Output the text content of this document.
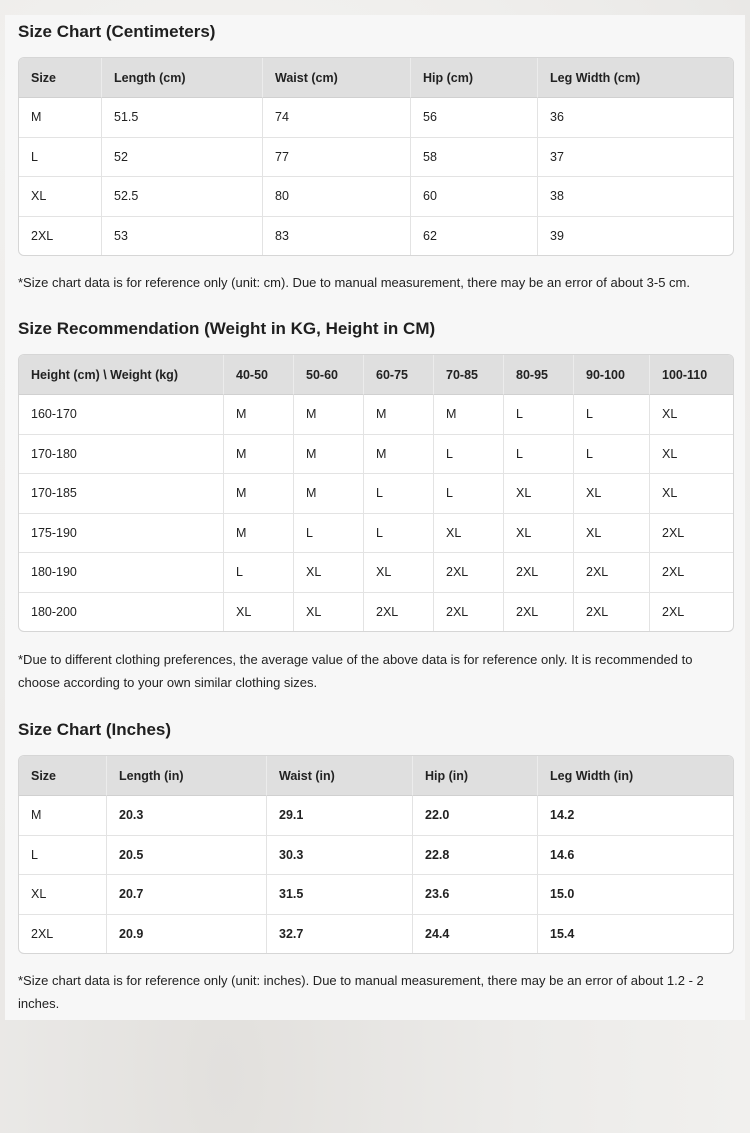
Size Chart (Centimeters)
Size	Length (cm)	Waist (cm)	Hip (cm)	Leg Width (cm)
M	51.5	74	56	36
L	52	77	58	37
XL	52.5	80	60	38
2XL	53	83	62	39

*Size chart data is for reference only (unit: cm). Due to manual measurement, there may be an error of about 3-5 cm.

Size Recommendation (Weight in KG, Height in CM)
Height (cm) \ Weight (kg)	40-50	50-60	60-75	70-85	80-95	90-100	100-110
160-170	M	M	M	M	L	L	XL
170-180	M	M	M	L	L	L	XL
170-185	M	M	L	L	XL	XL	XL
175-190	M	L	L	XL	XL	XL	2XL
180-190	L	XL	XL	2XL	2XL	2XL	2XL
180-200	XL	XL	2XL	2XL	2XL	2XL	2XL

*Due to different clothing preferences, the average value of the above data is for reference only. It is recommended to choose according to your own similar clothing sizes.

Size Chart (Inches)
Size	Length (in)	Waist (in)	Hip (in)	Leg Width (in)
M	20.3	29.1	22.0	14.2
L	20.5	30.3	22.8	14.6
XL	20.7	31.5	23.6	15.0
2XL	20.9	32.7	24.4	15.4

*Size chart data is for reference only (unit: inches). Due to manual measurement, there may be an error of about 1.2 - 2 inches.
